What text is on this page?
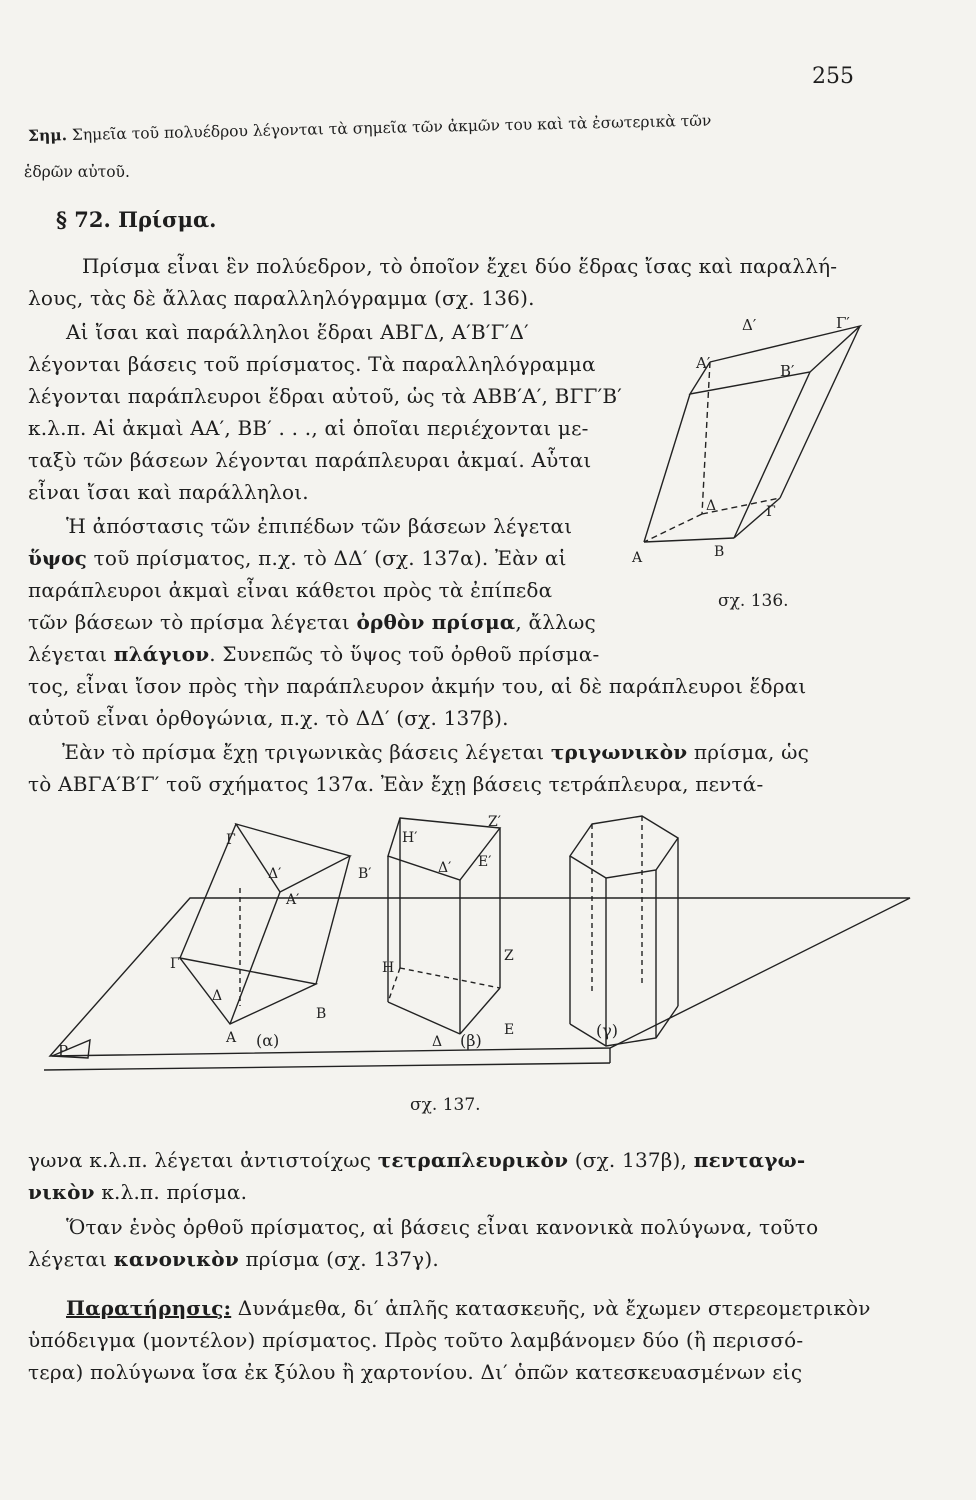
255
Σημ. Σημεῖα τοῦ πολυέδρου λέγονται τὰ σημεῖα τῶν ἀκμῶν του καὶ τὰ ἐσωτερικὰ τῶν
ἑδρῶν αὐτοῦ.
§ 72. Πρίσμα.
Πρίσμα εἶναι ἓν πολύεδρον, τὸ ὁποῖον ἔχει δύο ἕδρας ἴσας καὶ παραλλή-
λους, τὰς δὲ ἄλλας παραλληλόγραμμα (σχ. 136).
Αἱ ἴσαι καὶ παράλληλοι ἕδραι ΑΒΓΔ, Α′Β′Γ′Δ′
λέγονται βάσεις τοῦ πρίσματος. Τὰ παραλληλόγραμμα
λέγονται παράπλευροι ἕδραι αὐτοῦ, ὡς τὰ ΑΒΒ′Α′, ΒΓΓ′Β′
κ.λ.π. Αἱ ἀκμαὶ ΑΑ′, ΒΒ′ . . ., αἱ ὁποῖαι περιέχονται με-
ταξὺ τῶν βάσεων λέγονται παράπλευραι ἀκμαί. Αὗται
εἶναι ἴσαι καὶ παράλληλοι.
Ἡ ἀπόστασις τῶν ἐπιπέδων τῶν βάσεων λέγεται
ὕψος τοῦ πρίσματος, π.χ. τὸ ΔΔ′ (σχ. 137α). Ἐὰν αἱ
παράπλευροι ἀκμαὶ εἶναι κάθετοι πρὸς τὰ ἐπίπεδα
τῶν βάσεων τὸ πρίσμα λέγεται ὀρθὸν πρίσμα, ἄλλως
λέγεται πλάγιον. Συνεπῶς τὸ ὕψος τοῦ ὀρθοῦ πρίσμα-
τος, εἶναι ἴσον πρὸς τὴν παράπλευρον ἀκμήν του, αἱ δὲ παράπλευροι ἕδραι
αὐτοῦ εἶναι ὀρθογώνια, π.χ. τὸ ΔΔ′ (σχ. 137β).
Ἐὰν τὸ πρίσμα ἔχῃ τριγωνικὰς βάσεις λέγεται τριγωνικὸν πρίσμα, ὡς
τὸ ΑΒΓΑ′Β′Γ′ τοῦ σχήματος 137α. Ἐὰν ἔχῃ βάσεις τετράπλευρα, πεντά-
Δ′	Γ′
Α′	Β′
Δ	Γ
Α	Β
σχ. 136.
P
Γ
Δ′	Β′
Α′
Γ
Δ
Α
Β
Η′
Ζ′
Δ′ Ε′
Η
Ζ
Δ
Ε
(α)	(β)
(γ)
σχ. 137.
γωνα κ.λ.π. λέγεται ἀντιστοίχως τετραπλευρικὸν (σχ. 137β), πενταγω-
νικὸν κ.λ.π. πρίσμα.
Ὅταν ἑνὸς ὀρθοῦ πρίσματος, αἱ βάσεις εἶναι κανονικὰ πολύγωνα, τοῦτο
λέγεται κανονικὸν πρίσμα (σχ. 137γ).
Παρατήρησις: Δυνάμεθα, δι′ ἁπλῆς κατασκευῆς, νὰ ἔχωμεν στερεομετρικὸν
ὑπόδειγμα (μοντέλον) πρίσματος. Πρὸς τοῦτο λαμβάνομεν δύο (ἢ περισσό-
τερα) πολύγωνα ἴσα ἐκ ξύλου ἢ χαρτονίου. Δι′ ὁπῶν κατεσκευασμένων εἰς
